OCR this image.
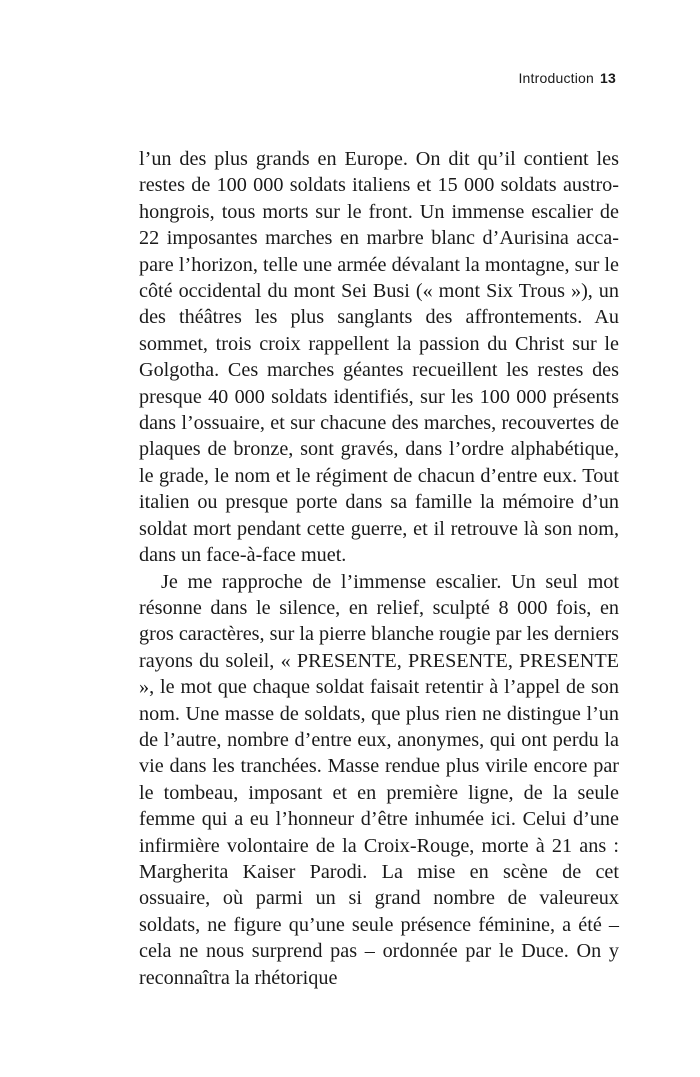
Introduction 13

l’un des plus grands en Europe. On dit qu’il contient les restes de 100 000 soldats italiens et 15 000 soldats austro-hongrois, tous morts sur le front. Un immense escalier de 22 imposantes marches en marbre blanc d’Aurisina accapare l’horizon, telle une armée dévalant la montagne, sur le côté occidental du mont Sei Busi (« mont Six Trous »), un des théâtres les plus sanglants des affrontements. Au sommet, trois croix rappellent la passion du Christ sur le Golgotha. Ces marches géantes recueillent les restes des presque 40 000 soldats identifiés, sur les 100 000 présents dans l’ossuaire, et sur chacune des marches, recouvertes de plaques de bronze, sont gravés, dans l’ordre alphabétique, le grade, le nom et le régiment de chacun d’entre eux. Tout italien ou presque porte dans sa famille la mémoire d’un soldat mort pendant cette guerre, et il retrouve là son nom, dans un face-à-face muet.

Je me rapproche de l’immense escalier. Un seul mot résonne dans le silence, en relief, sculpté 8 000 fois, en gros caractères, sur la pierre blanche rougie par les derniers rayons du soleil, « PRESENTE, PRESENTE, PRESENTE », le mot que chaque soldat faisait retentir à l’appel de son nom. Une masse de soldats, que plus rien ne distingue l’un de l’autre, nombre d’entre eux, anonymes, qui ont perdu la vie dans les tranchées. Masse rendue plus virile encore par le tombeau, imposant et en première ligne, de la seule femme qui a eu l’honneur d’être inhumée ici. Celui d’une infirmière volontaire de la Croix-Rouge, morte à 21 ans : Margherita Kaiser Parodi. La mise en scène de cet ossuaire, où parmi un si grand nombre de valeureux soldats, ne figure qu’une seule présence féminine, a été – cela ne nous surprend pas – ordonnée par le Duce. On y reconnaîtra la rhétorique
